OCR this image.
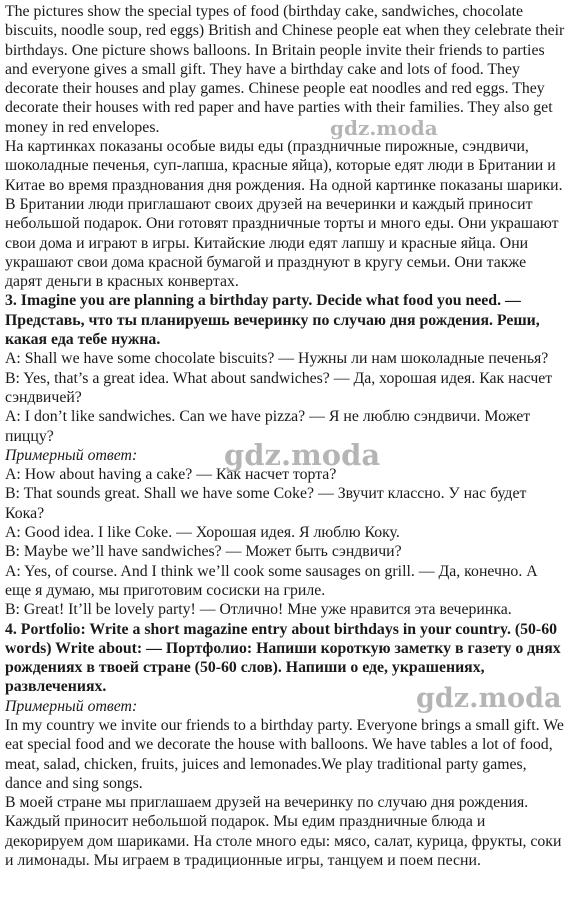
The pictures show the special types of food (birthday cake, sandwiches, chocolate biscuits, noodle soup, red eggs) British and Chinese people eat when they celebrate their birthdays. One picture shows balloons. In Britain people invite their friends to parties and everyone gives a small gift. They have a birthday cake and lots of food. They decorate their houses and play games. Chinese people eat noodles and red eggs. They decorate their houses with red paper and have parties with their families. They also get money in red envelopes.

На картинках показаны особые виды еды (праздничные пирожные, сэндвичи, шоколадные печенья, суп-лапша, красные яйца), которые едят люди в Британии и Китае во время празднования дня рождения. На одной картинке показаны шарики. В Британии люди приглашают своих друзей на вечеринки и каждый приносит небольшой подарок. Они готовят праздничные торты и много еды. Они украшают свои дома и играют в игры. Китайские люди едят лапшу и красные яйца. Они украшают свои дома красной бумагой и празднуют в кругу семьи. Они также дарят деньги в красных конвертах.

3. Imagine you are planning a birthday party. Decide what food you need. — Представь, что ты планируешь вечеринку по случаю дня рождения. Реши, какая еда тебе нужна.

A: Shall we have some chocolate biscuits? — Нужны ли нам шоколадные печенья?

B: Yes, that’s a great idea. What about sandwiches? — Да, хорошая идея. Как насчет сэндвичей?

A: I don’t like sandwiches. Can we have pizza? — Я не люблю сэндвичи. Может пиццу?

Примерный ответ:

A: How about having a cake? — Как насчет торта?

B: That sounds great. Shall we have some Coke? — Звучит классно. У нас будет Кока?

A: Good idea. I like Coke. — Хорошая идея. Я люблю Коку.

B: Maybe we’ll have sandwiches? — Может быть сэндвичи?

A: Yes, of course. And I think we’ll cook some sausages on grill. — Да, конечно. А еще я думаю, мы приготовим сосиски на гриле.

B: Great! It’ll be lovely party! — Отлично! Мне уже нравится эта вечеринка.

4. Portfolio: Write a short magazine entry about birthdays in your country. (50-60 words) Write about: — Портфолио: Напиши короткую заметку в газету о днях рождениях в твоей стране (50-60 слов). Напиши о еде, украшениях, развлечениях.

Примерный ответ:

In my country we invite our friends to a birthday party. Everyone brings a small gift. We eat special food and we decorate the house with balloons. We have tables a lot of food, meat, salad, chicken, fruits, juices and lemonades.We play traditional party games, dance and sing songs.

В моей стране мы приглашаем друзей на вечеринку по случаю дня рождения. Каждый приносит небольшой подарок. Мы едим праздничные блюда и декорируем дом шариками. На столе много еды: мясо, салат, курица, фрукты, соки и лимонады. Мы играем в традиционные игры, танцуем и поем песни.

gdz.moda
gdz.moda
gdz.moda
